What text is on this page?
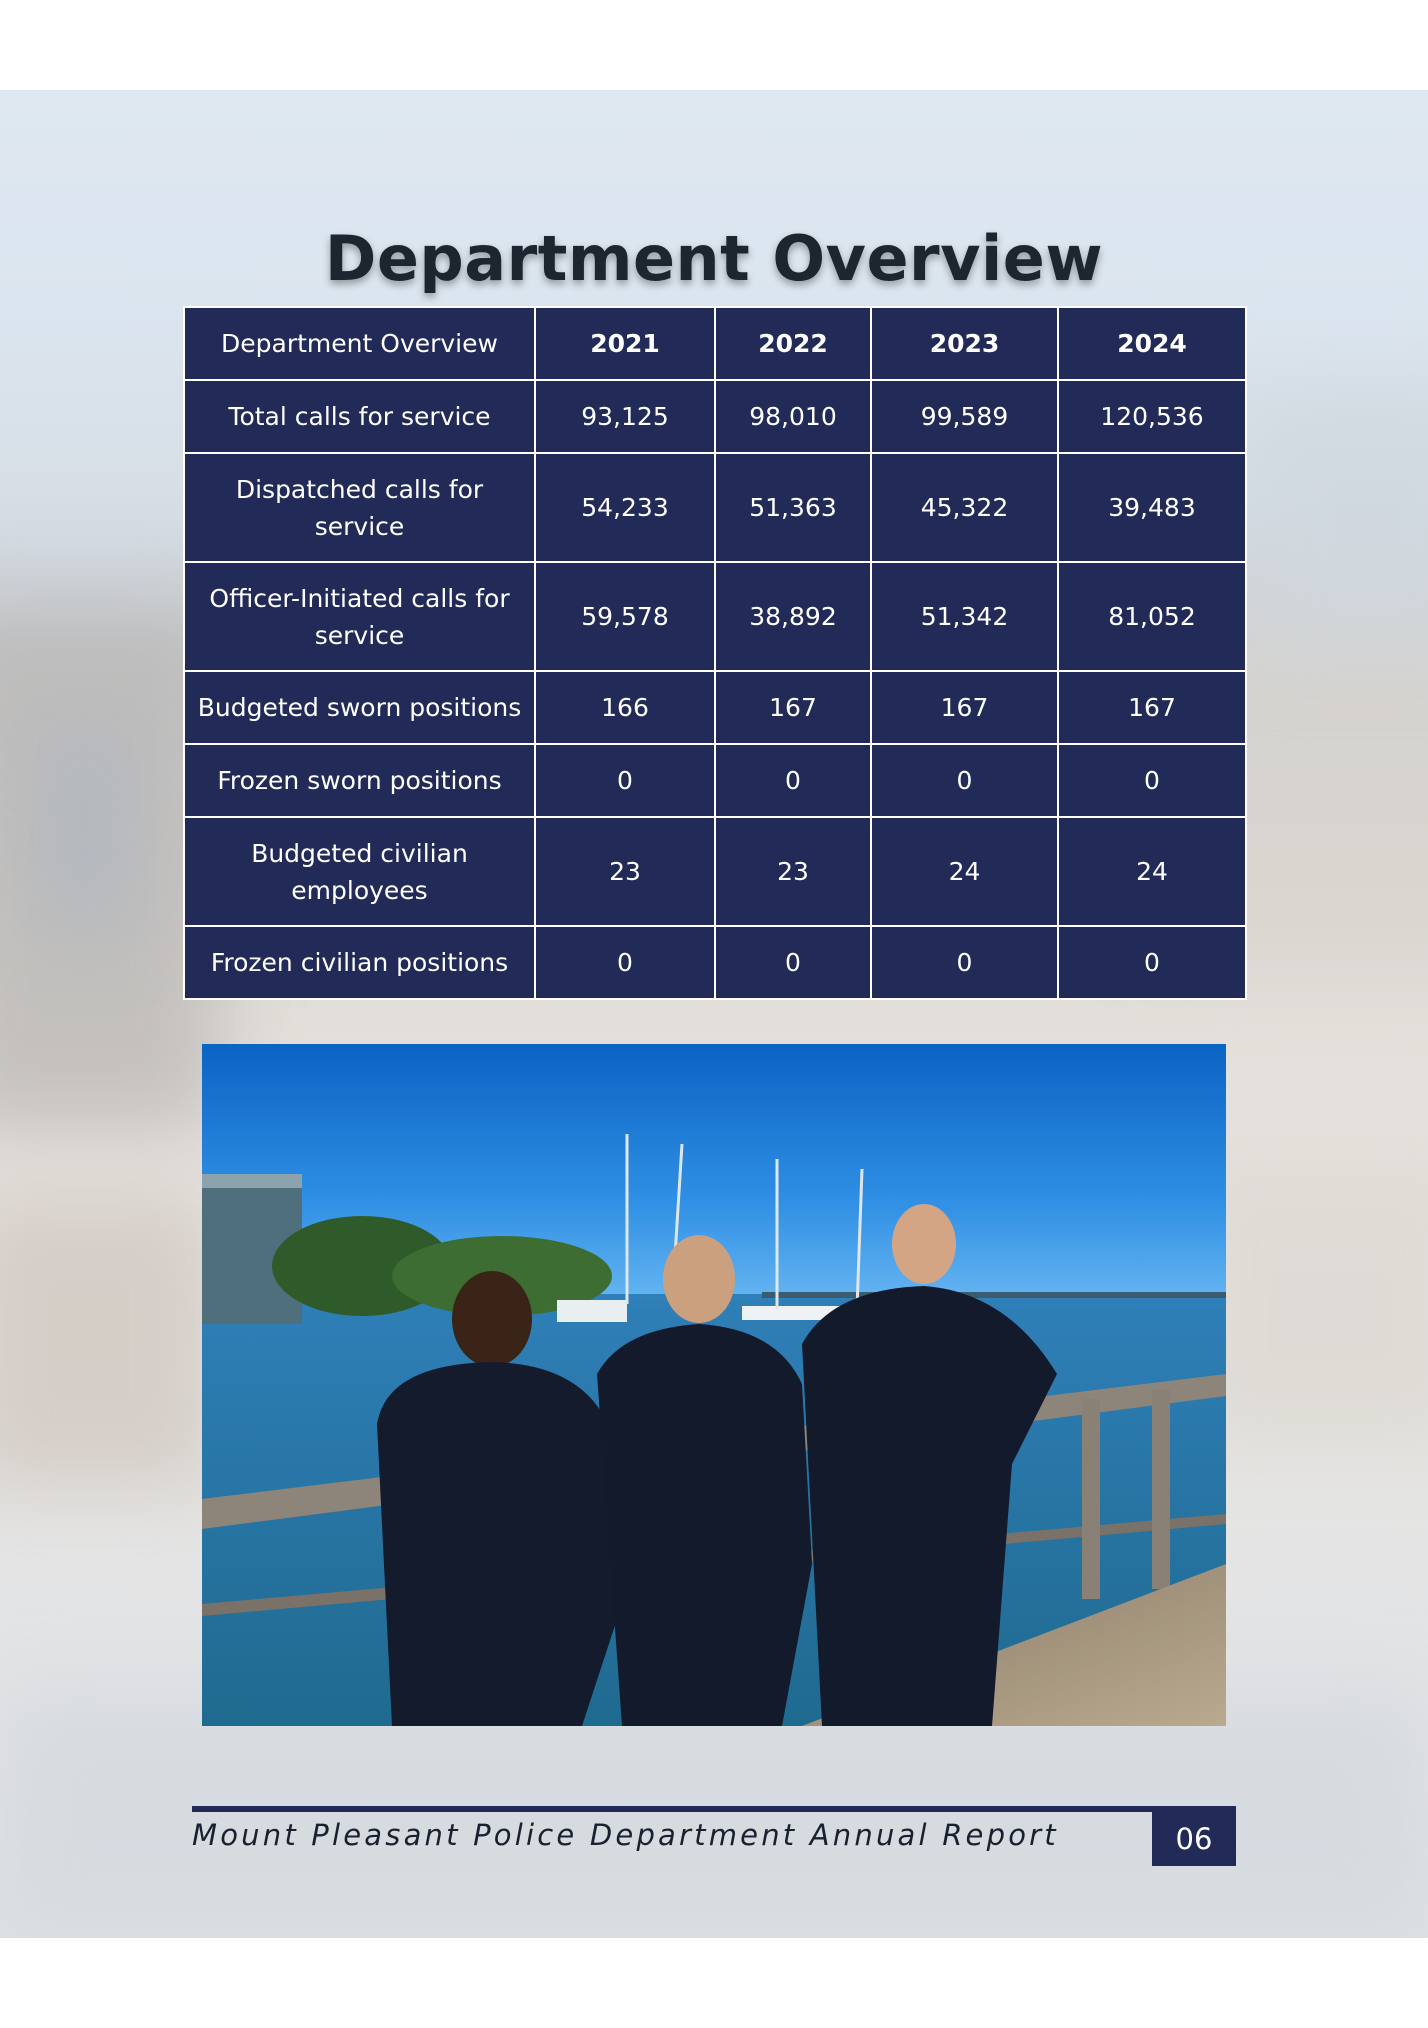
Department Overview
Department Overview	2021	2022	2023	2024
Total calls for service	93,125	98,010	99,589	120,536
Dispatched calls for service	54,233	51,363	45,322	39,483
Officer-Initiated calls for service	59,578	38,892	51,342	81,052
Budgeted sworn positions	166	167	167	167
Frozen sworn positions	0	0	0	0
Budgeted civilian employees	23	23	24	24
Frozen civilian positions	0	0	0	0
Mount Pleasant Police Department Annual Report	06
